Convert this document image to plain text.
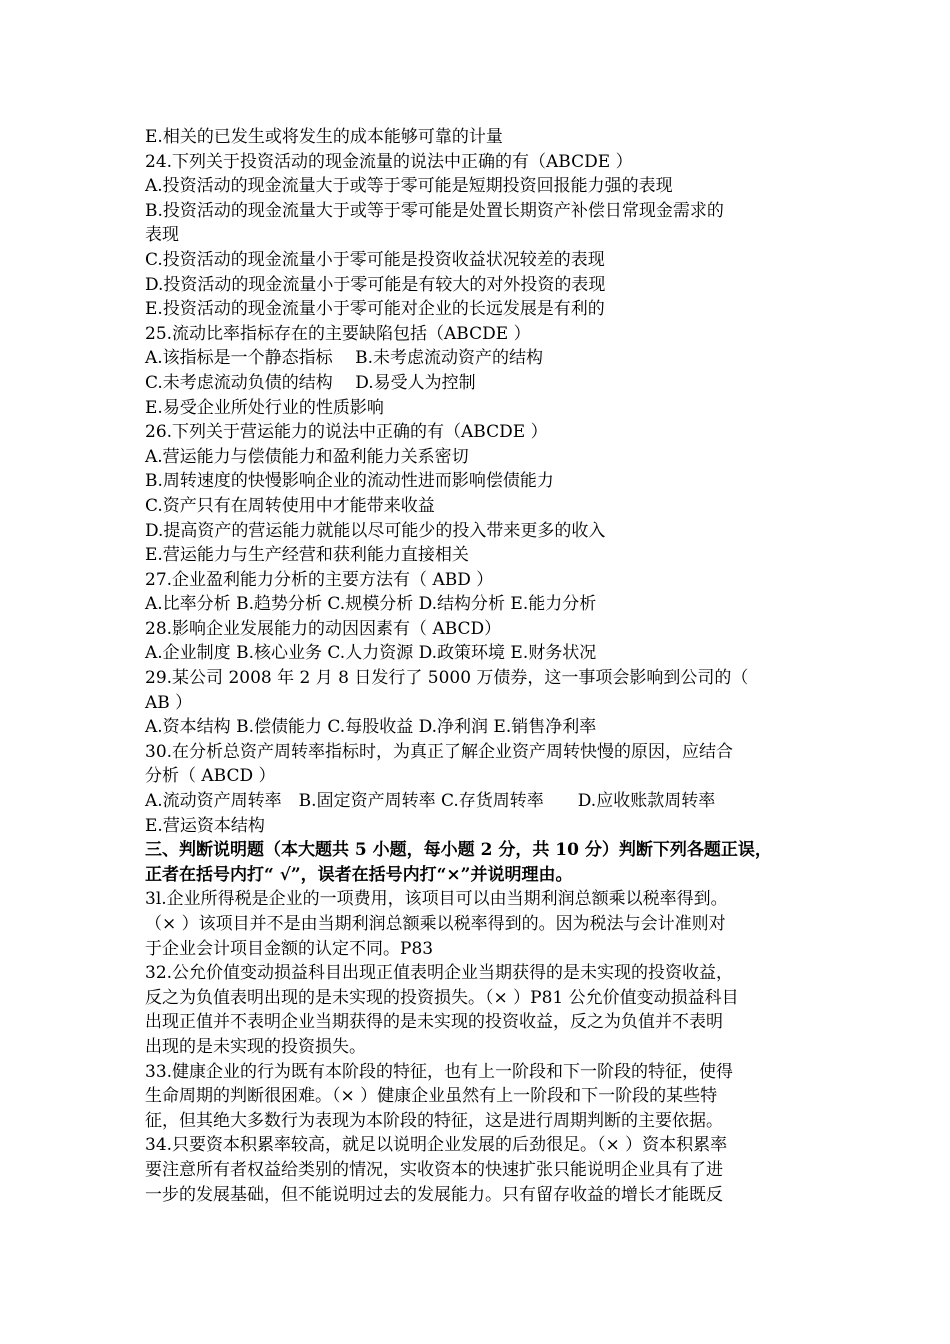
E.相关的已发生或将发生的成本能够可靠的计量
24.下列关于投资活动的现金流量的说法中正确的有（ABCDE ）
A.投资活动的现金流量大于或等于零可能是短期投资回报能力强的表现
B.投资活动的现金流量大于或等于零可能是处置长期资产补偿日常现金需求的
表现
C.投资活动的现金流量小于零可能是投资收益状况较差的表现
D.投资活动的现金流量小于零可能是有较大的对外投资的表现
E.投资活动的现金流量小于零可能对企业的长远发展是有利的
25.流动比率指标存在的主要缺陷包括（ABCDE ）
A.该指标是一个静态指标　 B.未考虑流动资产的结构
C.未考虑流动负债的结构　 D.易受人为控制
E.易受企业所处行业的性质影响
26.下列关于营运能力的说法中正确的有（ABCDE ）
A.营运能力与偿债能力和盈利能力关系密切
B.周转速度的快慢影响企业的流动性进而影响偿债能力
C.资产只有在周转使用中才能带来收益
D.提高资产的营运能力就能以尽可能少的投入带来更多的收入
E.营运能力与生产经营和获利能力直接相关
27.企业盈利能力分析的主要方法有（ ABD ）
A.比率分析 B.趋势分析 C.规模分析 D.结构分析 E.能力分析
28.影响企业发展能力的动因因素有（ ABCD）
A.企业制度 B.核心业务 C.人力资源 D.政策环境 E.财务状况
29.某公司 2008 年 2 月 8 日发行了 5000 万债券，这一事项会影响到公司的（
AB ）
A.资本结构 B.偿债能力 C.每股收益 D.净利润 E.销售净利率
30.在分析总资产周转率指标时，为真正了解企业资产周转快慢的原因，应结合
分析（ ABCD ）
A.流动资产周转率　B.固定资产周转率 C.存货周转率　　D.应收账款周转率
E.营运资本结构
三、判断说明题（本大题共 5 小题，每小题 2 分，共 10 分）判断下列各题正误，
正者在括号内打“ √”，误者在括号内打“×”并说明理由。
3l.企业所得税是企业的一项费用，该项目可以由当期利润总额乘以税率得到。
（× ）该项目并不是由当期利润总额乘以税率得到的。因为税法与会计准则对
于企业会计项目金额的认定不同。P83
32.公允价值变动损益科目出现正值表明企业当期获得的是未实现的投资收益，
反之为负值表明出现的是未实现的投资损失。（× ）P81 公允价值变动损益科目
出现正值并不表明企业当期获得的是未实现的投资收益，反之为负值并不表明
出现的是未实现的投资损失。
33.健康企业的行为既有本阶段的特征，也有上一阶段和下一阶段的特征，使得
生命周期的判断很困难。（× ）健康企业虽然有上一阶段和下一阶段的某些特
征，但其绝大多数行为表现为本阶段的特征，这是进行周期判断的主要依据。
34.只要资本积累率较高，就足以说明企业发展的后劲很足。（× ）资本积累率
要注意所有者权益给类别的情况，实收资本的快速扩张只能说明企业具有了进
一步的发展基础，但不能说明过去的发展能力。只有留存收益的增长才能既反
